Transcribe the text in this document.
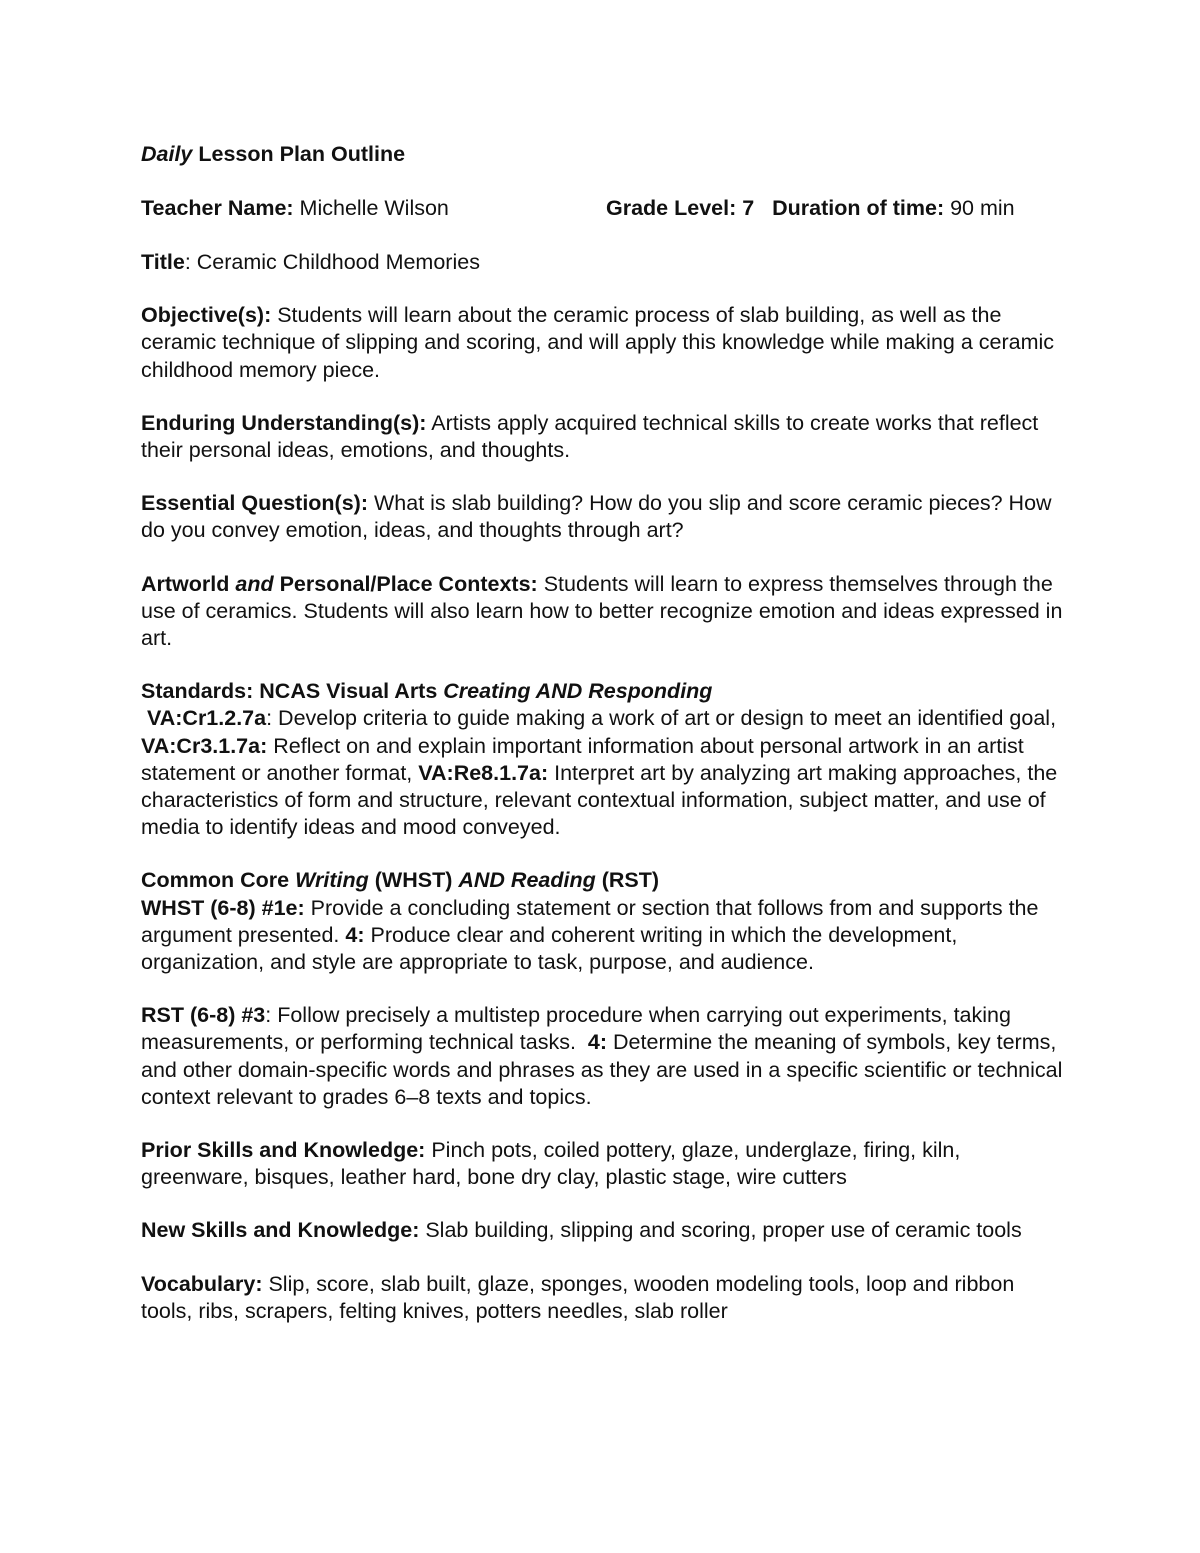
Daily Lesson Plan Outline
Teacher Name: Michelle Wilson	Grade Level: 7 Duration of time: 90 min
Title: Ceramic Childhood Memories
Objective(s): Students will learn about the ceramic process of slab building, as well as the ceramic technique of slipping and scoring, and will apply this knowledge while making a ceramic childhood memory piece.
Enduring Understanding(s): Artists apply acquired technical skills to create works that reflect their personal ideas, emotions, and thoughts.
Essential Question(s): What is slab building? How do you slip and score ceramic pieces? How do you convey emotion, ideas, and thoughts through art?
Artworld and Personal/Place Contexts: Students will learn to express themselves through the use of ceramics. Students will also learn how to better recognize emotion and ideas expressed in art.
Standards: NCAS Visual Arts Creating AND Responding
VA:Cr1.2.7a: Develop criteria to guide making a work of art or design to meet an identified goal,  VA:Cr3.1.7a: Reflect on and explain important information about personal artwork in an artist statement or another format, VA:Re8.1.7a: Interpret art by analyzing art making approaches, the characteristics of form and structure, relevant contextual information, subject matter, and use of media to identify ideas and mood conveyed.
Common Core Writing (WHST) AND Reading (RST)
WHST (6-8) #1e: Provide a concluding statement or section that follows from and supports the argument presented. 4: Produce clear and coherent writing in which the development, organization, and style are appropriate to task, purpose, and audience.
RST (6-8) #3: Follow precisely a multistep procedure when carrying out experiments, taking measurements, or performing technical tasks. 4: Determine the meaning of symbols, key terms, and other domain-specific words and phrases as they are used in a specific scientific or technical context relevant to grades 6–8 texts and topics.
Prior Skills and Knowledge: Pinch pots, coiled pottery, glaze, underglaze, firing, kiln, greenware, bisques, leather hard, bone dry clay, plastic stage, wire cutters
New Skills and Knowledge: Slab building, slipping and scoring, proper use of ceramic tools
Vocabulary: Slip, score, slab built, glaze, sponges, wooden modeling tools, loop and ribbon tools, ribs, scrapers, felting knives, potters needles, slab roller
